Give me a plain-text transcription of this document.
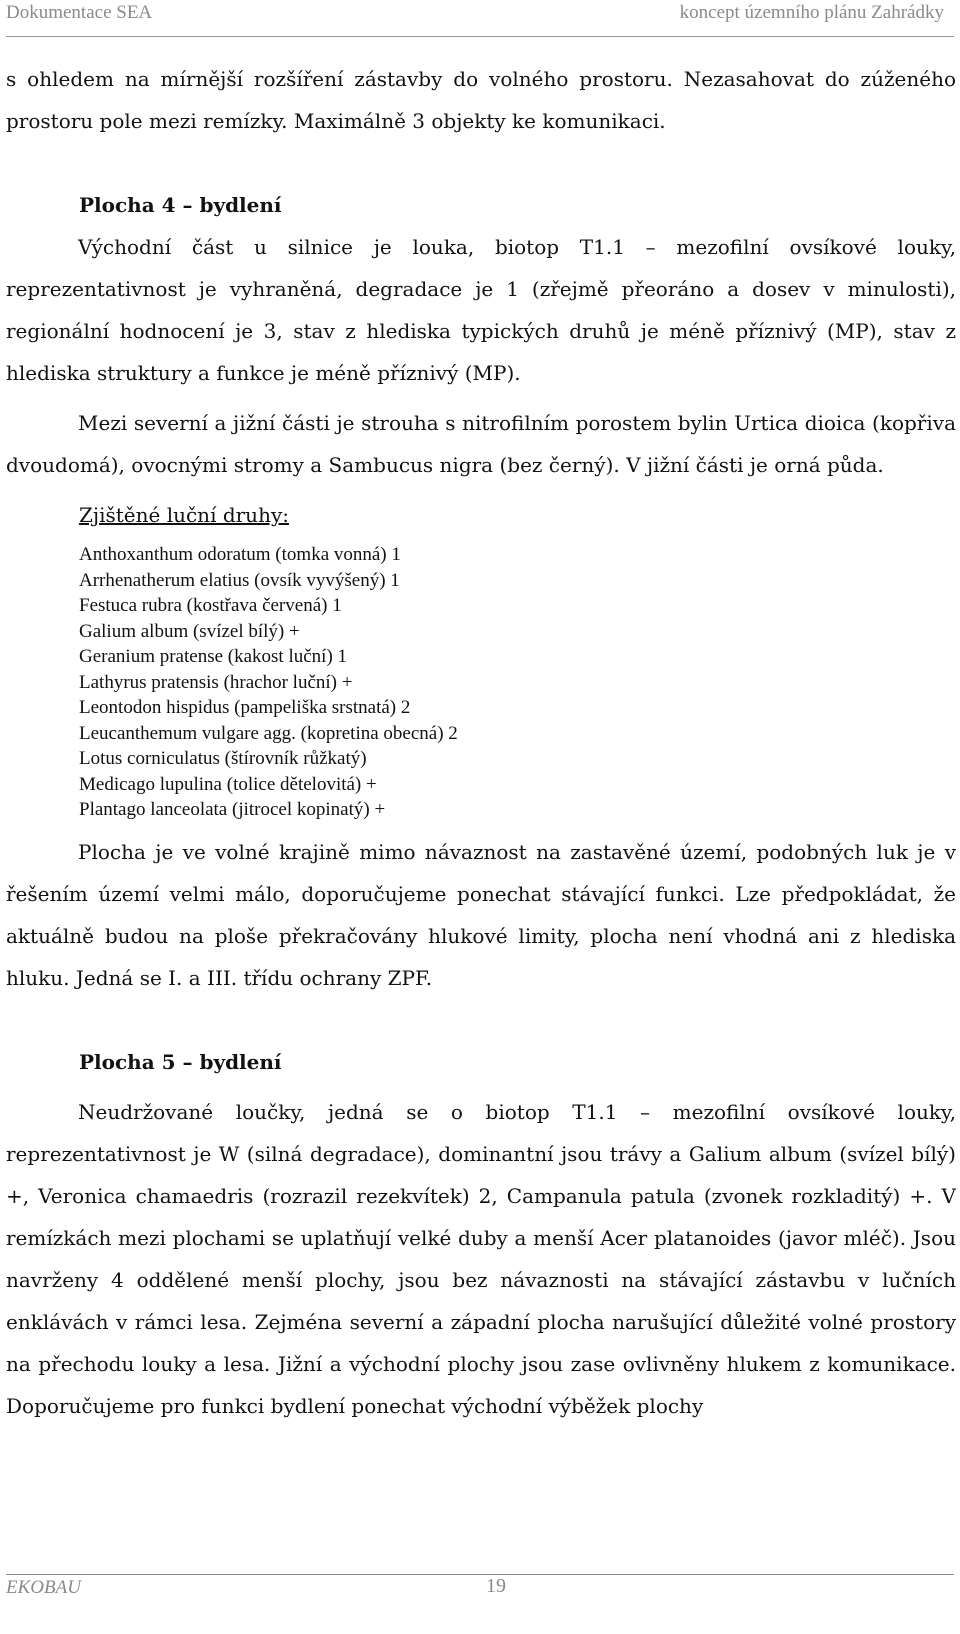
Dokumentace SEA	koncept územního plánu Zahrádky

s ohledem na mírnější rozšíření zástavby do volného prostoru. Nezasahovat do zúženého prostoru pole mezi remízky. Maximálně 3 objekty ke komunikaci.

Plocha 4 – bydlení

Východní část u silnice je louka, biotop T1.1 – mezofilní ovsíkové louky, reprezentativnost je vyhraněná, degradace je 1 (zřejmě přeoráno a dosev v minulosti), regionální hodnocení je 3, stav z hlediska typických druhů je méně příznivý (MP), stav z hlediska struktury a funkce je méně příznivý (MP).

Mezi severní a jižní části je strouha s nitrofilním porostem bylin Urtica dioica (kopřiva dvoudomá), ovocnými stromy a Sambucus nigra (bez černý). V jižní části je orná půda.

Zjištěné luční druhy:

Anthoxanthum odoratum (tomka vonná) 1
Arrhenatherum elatius (ovsík vyvýšený) 1
Festuca rubra (kostřava červená) 1
Galium album (svízel bílý) +
Geranium pratense (kakost luční) 1
Lathyrus pratensis (hrachor luční) +
Leontodon hispidus (pampeliška srstnatá) 2
Leucanthemum vulgare agg. (kopretina obecná) 2
Lotus corniculatus (štírovník růžkatý)
Medicago lupulina (tolice dětelovitá) +
Plantago lanceolata (jitrocel kopinatý) +

Plocha je ve volné krajině mimo návaznost na zastavěné území, podobných luk je v řešením území velmi málo, doporučujeme ponechat stávající funkci. Lze předpokládat, že aktuálně budou na ploše překračovány hlukové limity, plocha není vhodná ani z hlediska hluku. Jedná se I. a III. třídu ochrany ZPF.

Plocha 5 – bydlení

Neudržované loučky, jedná se o biotop T1.1 – mezofilní ovsíkové louky, reprezentativnost je W (silná degradace), dominantní jsou trávy a Galium album (svízel bílý) +, Veronica chamaedris (rozrazil rezekvítek) 2, Campanula patula (zvonek rozkladitý) +. V remízkách mezi plochami se uplatňují velké duby a menší Acer platanoides (javor mléč). Jsou navrženy 4 oddělené menší plochy, jsou bez návaznosti na stávající zástavbu v lučních enklávách v rámci lesa. Zejména severní a západní plocha narušující důležité volné prostory na přechodu louky a lesa. Jižní a východní plochy jsou zase ovlivněny hlukem z komunikace. Doporučujeme pro funkci bydlení ponechat východní výběžek plochy

EKOBAU	19
